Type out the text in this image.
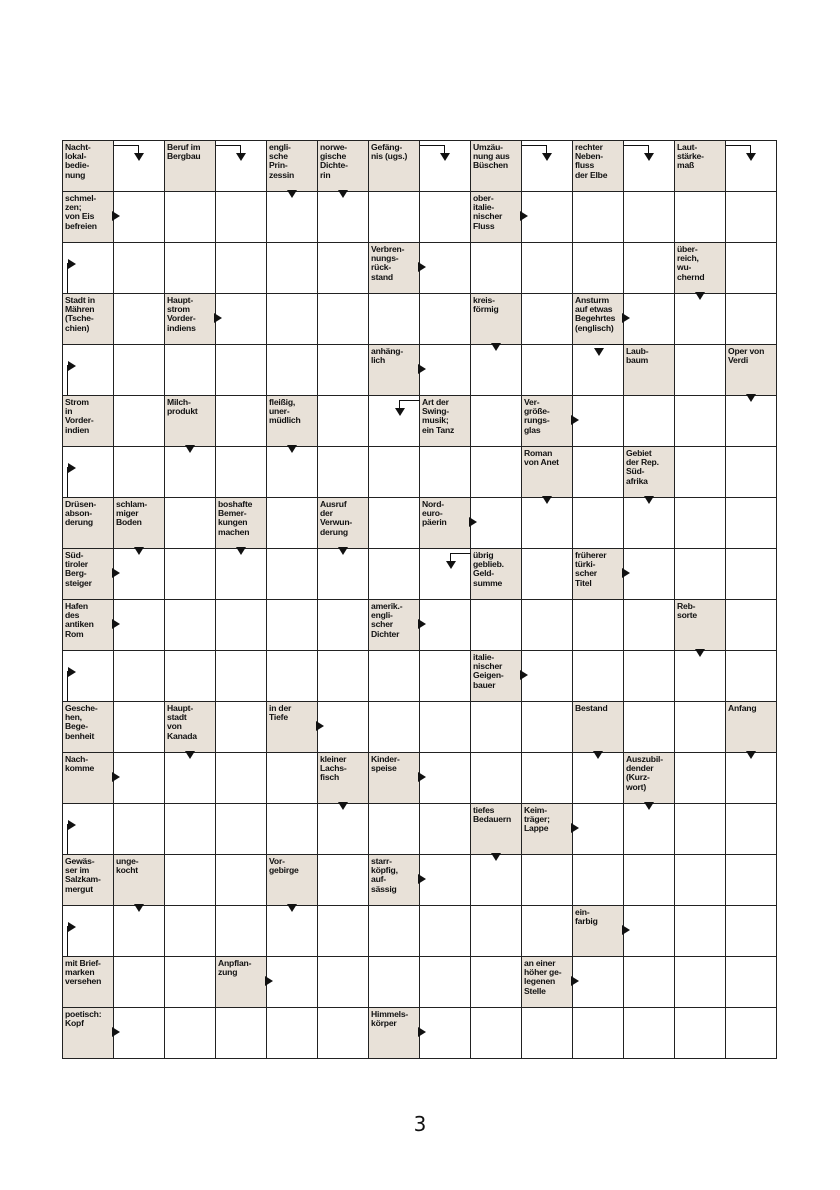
Nacht-
lokal-
bedie-
nung
Beruf im
Bergbau
engli-
sche
Prin-
zessin
norwe-
gische
Dichte-
rin
Gefäng-
nis (ugs.)
Umzäu-
nung aus
Büschen
rechter
Neben-
fluss
der Elbe
Laut-
stärke-
maß
schmel-
zen;
von Eis
befreien
ober-
italie-
nischer
Fluss
Verbren-
nungs-
rück-
stand
über-
reich,
wu-
chernd
Stadt in
Mähren
(Tsche-
chien)
Haupt-
strom
Vorder-
indiens
kreis-
förmig
Ansturm
auf etwas
Begehrtes
(englisch)
anhäng-
lich
Laub-
baum
Oper von
Verdi
Strom
in
Vorder-
indien
Milch-
produkt
fleißig,
uner-
müdlich
Art der
Swing-
musik;
ein Tanz
Ver-
größe-
rungs-
glas
Roman
von Anet
Gebiet
der Rep.
Süd-
afrika
Drüsen-
abson-
derung
schlam-
miger
Boden
boshafte
Bemer-
kungen
machen
Ausruf
der
Verwun-
derung
Nord-
euro-
päerin
Süd-
tiroler
Berg-
steiger
übrig
geblieb.
Geld-
summe
früherer
türki-
scher
Titel
Hafen
des
antiken
Rom
amerik.-
engli-
scher
Dichter
Reb-
sorte
italie-
nischer
Geigen-
bauer
Gesche-
hen,
Bege-
benheit
Haupt-
stadt
von
Kanada
in der
Tiefe
Bestand	Anfang
Nach-
komme
kleiner
Lachs-
fisch
Kinder-
speise
Auszubil-
dender
(Kurz-
wort)
tiefes
Bedauern
Keim-
träger;
Lappe
Gewäs-
ser im
Salzkam-
mergut
unge-
kocht
Vor-
gebirge
starr-
köpfig,
auf-
sässig
ein-
farbig
mit Brief-
marken
versehen
Anpflan-
zung
an einer
höher ge-
legenen
Stelle
poetisch:
Kopf
Himmels-
körper
3
